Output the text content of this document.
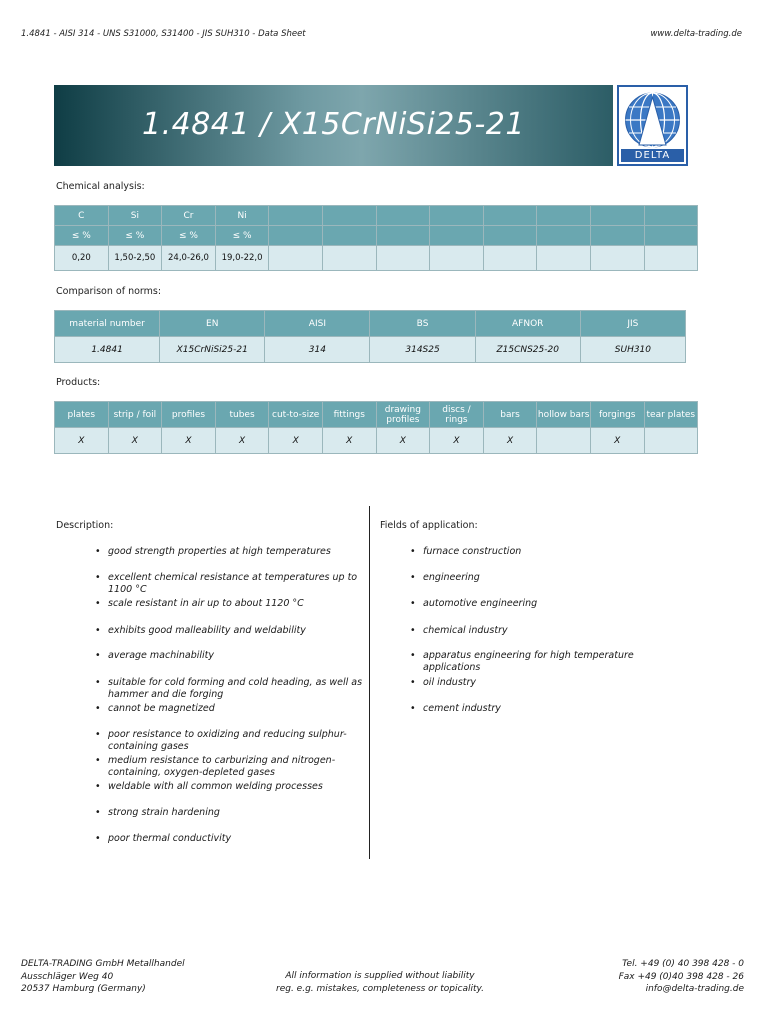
1.4841 - AISI 314 - UNS S31000, S31400 - JIS SUH310 - Data Sheet	www.delta-trading.de
1.4841 / X15CrNiSi25-21
DELTA
Chemical analysis:
C	Si	Cr	Ni								
≤ %	≤ %	≤ %	≤ %								
0,20	1,50-2,50	24,0-26,0	19,0-22,0								
Comparison of norms:
material number	EN	AISI	BS	AFNOR	JIS
1.4841	X15CrNiSi25-21	314	314S25	Z15CNS25-20	SUH310
Products:
plates	strip / foil	profiles	tubes	cut-to-size	fittings	drawing profiles	discs / rings	bars	hollow bars	forgings	tear plates
X	X	X	X	X	X	X	X	X		X	
Description:
• good strength properties at high temperatures
• excellent chemical resistance at temperatures up to 1100 °C
• scale resistant in air up to about 1120 °C
• exhibits good malleability and weldability
• average machinability
• suitable for cold forming and cold heading, as well as hammer and die forging
• cannot be magnetized
• poor resistance to oxidizing and reducing sulphur-containing gases
• medium resistance to carburizing and nitrogen-containing, oxygen-depleted gases
• weldable with all common welding processes
• strong strain hardening
• poor thermal conductivity
Fields of application:
• furnace construction
• engineering
• automotive engineering
• chemical industry
• apparatus engineering for high temperature applications
• oil industry
• cement industry
DELTA-TRADING GmbH Metallhandel
Ausschläger Weg 40
20537 Hamburg (Germany)
All information is supplied without liability
reg. e.g. mistakes, completeness or topicality.
Tel. +49 (0) 40 398 428 - 0
Fax +49 (0)40 398 428 - 26
info@delta-trading.de
